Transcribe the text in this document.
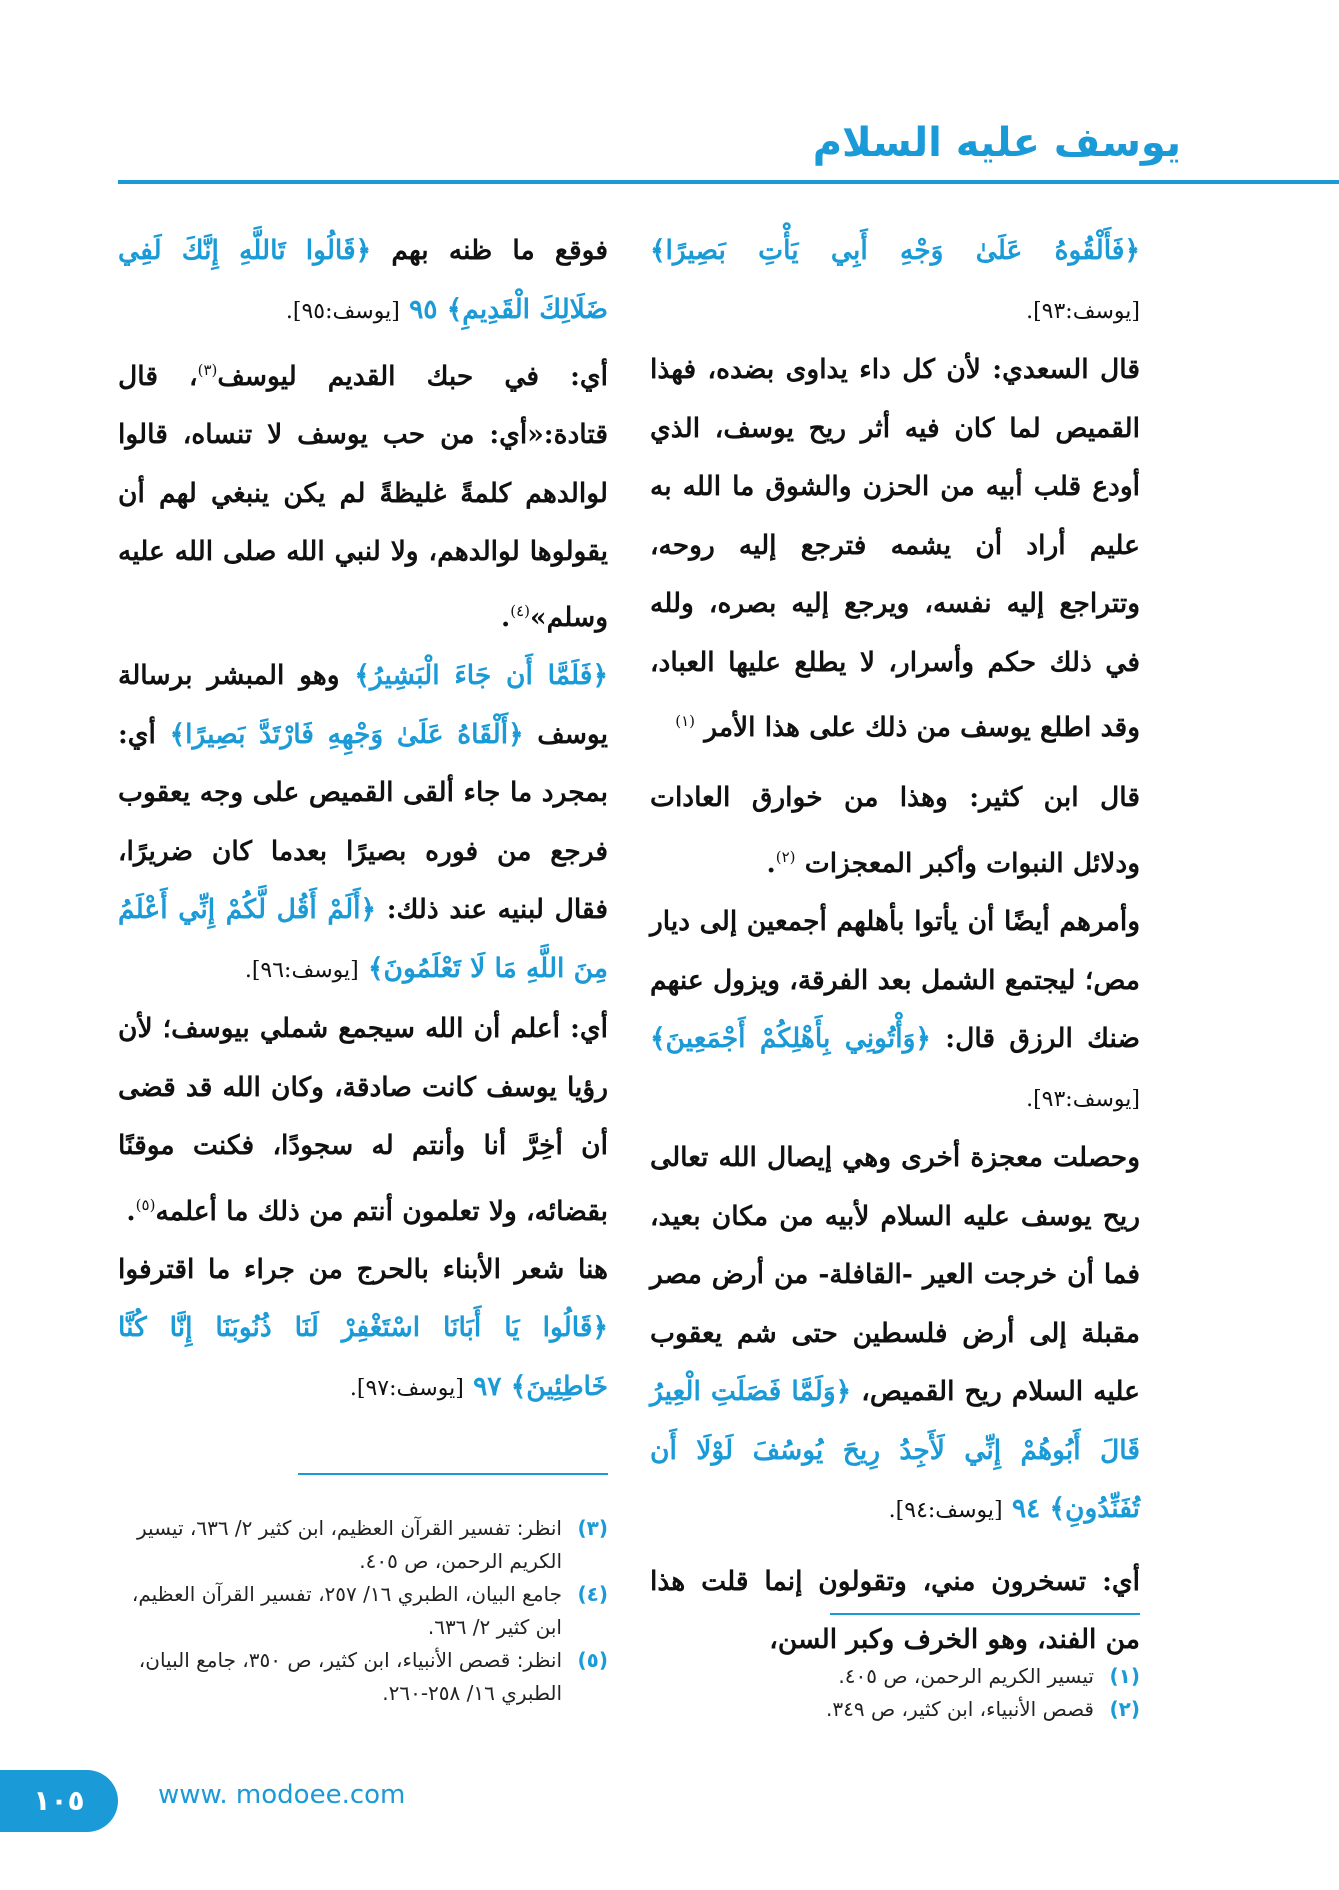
يوسف عليه السلام

﴿فَأَلْقُوهُ عَلَىٰ وَجْهِ أَبِي يَأْتِ بَصِيرًا﴾ [يوسف:٩٣].

قال السعدي: لأن كل داء يداوى بضده، فهذا القميص لما كان فيه أثر ريح يوسف، الذي أودع قلب أبيه من الحزن والشوق ما الله به عليم أراد أن يشمه فترجع إليه روحه، وتتراجع إليه نفسه، ويرجع إليه بصره، ولله في ذلك حكم وأسرار، لا يطلع عليها العباد، وقد اطلع يوسف من ذلك على هذا الأمر $^{(١)}$

قال ابن كثير: وهذا من خوارق العادات ودلائل النبوات وأكبر المعجزات $^{(٢)}$.

وأمرهم أيضًا أن يأتوا بأهلهم أجمعين إلى ديار مص؛ ليجتمع الشمل بعد الفرقة، ويزول عنهم ضنك الرزق قال: ﴿وَأْتُونِي بِأَهْلِكُمْ أَجْمَعِينَ﴾ [يوسف:٩٣].

وحصلت معجزة أخرى وهي إيصال الله تعالى ريح يوسف عليه السلام لأبيه من مكان بعيد، فما أن خرجت العير -القافلة- من أرض مصر مقبلة إلى أرض فلسطين حتى شم يعقوب عليه السلام ريح القميص، ﴿وَلَمَّا فَصَلَتِ الْعِيرُ قَالَ أَبُوهُمْ إِنِّي لَأَجِدُ رِيحَ يُوسُفَ لَوْلَا أَن تُفَنِّدُونِ﴾ ٩٤ [يوسف:٩٤].

أي: تسخرون مني، وتقولون إنما قلت هذا من الفند، وهو الخرف وكبر السن،

فوقع ما ظنه بهم ﴿قَالُوا تَاللَّهِ إِنَّكَ لَفِي ضَلَالِكَ الْقَدِيمِ﴾ ٩٥ [يوسف:٩٥].

أي: في حبك القديم ليوسف$^{(٣)}$، قال قتادة:«أي: من حب يوسف لا تنساه، قالوا لوالدهم كلمةً غليظةً لم يكن ينبغي لهم أن يقولوها لوالدهم، ولا لنبي الله صلى الله عليه وسلم»$^{(٤)}$.

﴿فَلَمَّا أَن جَاءَ الْبَشِيرُ﴾ وهو المبشر برسالة يوسف ﴿أَلْقَاهُ عَلَىٰ وَجْهِهِ فَارْتَدَّ بَصِيرًا﴾ أي: بمجرد ما جاء ألقى القميص على وجه يعقوب فرجع من فوره بصيرًا بعدما كان ضريرًا، فقال لبنيه عند ذلك: ﴿أَلَمْ أَقُل لَّكُمْ إِنِّي أَعْلَمُ مِنَ اللَّهِ مَا لَا تَعْلَمُونَ﴾ [يوسف:٩٦].

أي: أعلم أن الله سيجمع شملي بيوسف؛ لأن رؤيا يوسف كانت صادقة، وكان الله قد قضى أن أخِرَّ أنا وأنتم له سجودًا، فكنت موقنًا بقضائه، ولا تعلمون أنتم من ذلك ما أعلمه$^{(٥)}$.

هنا شعر الأبناء بالحرج من جراء ما اقترفوا ﴿قَالُوا يَا أَبَانَا اسْتَغْفِرْ لَنَا ذُنُوبَنَا إِنَّا كُنَّا خَاطِئِينَ﴾ ٩٧ [يوسف:٩٧].

(١)
تيسير الكريم الرحمن، ص ٤٠٥.
(٢)
قصص الأنبياء، ابن كثير، ص ٣٤٩.
(٣)
انظر: تفسير القرآن العظيم، ابن كثير ٢/ ٦٣٦، تيسير الكريم الرحمن، ص ٤٠٥.
(٤)
جامع البيان، الطبري ١٦/ ٢٥٧، تفسير القرآن العظيم، ابن كثير ٢/ ٦٣٦.
(٥)
انظر: قصص الأنبياء، ابن كثير، ص ٣٥٠، جامع البيان، الطبري ١٦/ ٢٥٨-٢٦٠.
١٠٥	www. modoee.com
